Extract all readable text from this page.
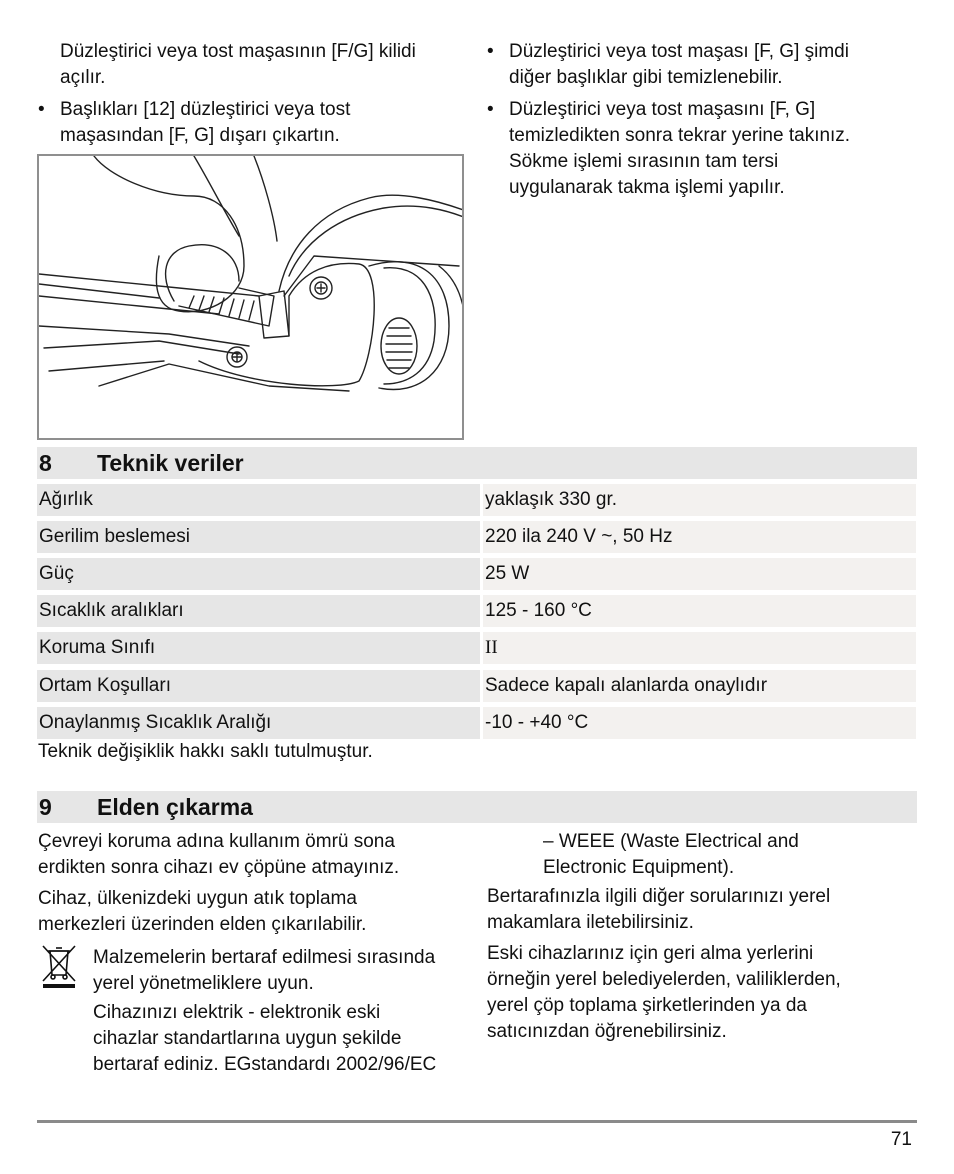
Düzleştirici veya tost maşasının [F/G] kilidi

açılır.

• Başlıkları [12] düzleştirici veya tost
maşasından [F, G] dışarı çıkartın.
• Düzleştirici veya tost maşası [F, G] şimdi
diğer başlıklar gibi temizlenebilir.
• Düzleştirici veya tost maşasını [F, G]
temizledikten sonra tekrar yerine takınız.
Sökme işlemi sırasının tam tersi
uygulanarak takma işlemi yapılır.
8 Teknik veriler
Ağırlık	yaklaşık 330 gr.
Gerilim beslemesi	220 ila 240 V ~, 50 Hz
Güç	25 W
Sıcaklık aralıkları	125 - 160 °C
Koruma Sınıfı	II
Ortam Koşulları	Sadece kapalı alanlarda onaylıdır
Onaylanmış Sıcaklık Aralığı	-10 - +40 °C

Teknik değişiklik hakkı saklı tutulmuştur.

9 Elden çıkarma

Çevreyi koruma adına kullanım ömrü sona

erdikten sonra cihazı ev çöpüne atmayınız.

Cihaz, ülkenizdeki uygun atık toplama

merkezleri üzerinden elden çıkarılabilir.

Malzemelerin bertaraf edilmesi sırasında

yerel yönetmeliklere uyun.

Cihazınızı elektrik - elektronik eski

cihazlar standartlarına uygun şekilde

bertaraf ediniz. EGstandardı 2002/96/EC

– WEEE (Waste Electrical and

Electronic Equipment).

Bertarafınızla ilgili diğer sorularınızı yerel

makamlara iletebilirsiniz.

Eski cihazlarınız için geri alma yerlerini

örneğin yerel belediyelerden, valiliklerden,

yerel çöp toplama şirketlerinden ya da

satıcınızdan öğrenebilirsiniz.

71
